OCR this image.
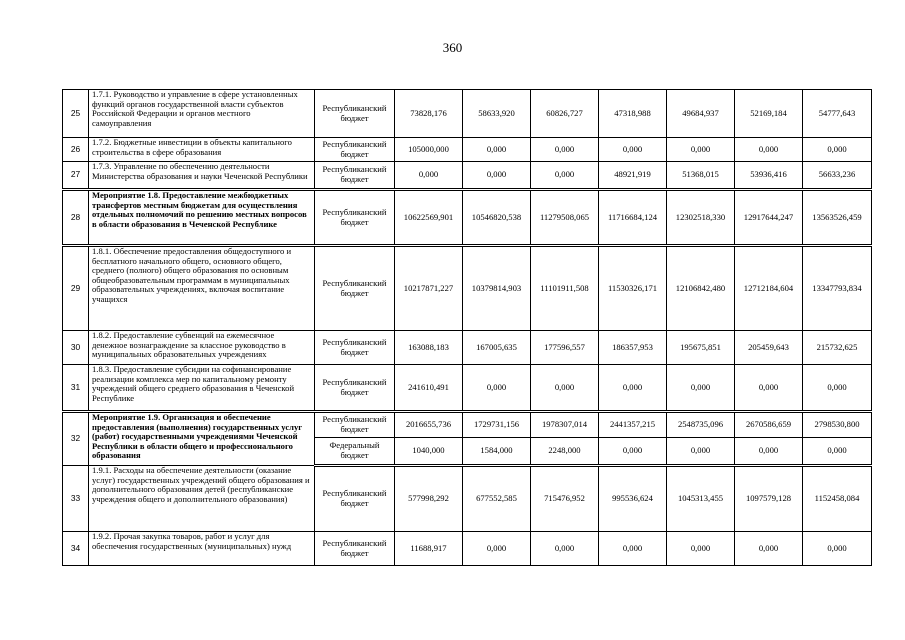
360
25	1.7.1. Руководство и управление в сфере установленных функций органов государственной власти субъектов Российской Федерации и органов местного самоуправления	Республиканский бюджет	73828,176	58633,920	60826,727	47318,988	49684,937	52169,184	54777,643
26	1.7.2. Бюджетные инвестиции в объекты капитального строительства в сфере образования	Республиканский бюджет	105000,000	0,000	0,000	0,000	0,000	0,000	0,000
27	1.7.3. Управление по обеспечению деятельности Министерства образования и науки Чеченской Республики	Республиканский бюджет	0,000	0,000	0,000	48921,919	51368,015	53936,416	56633,236
28	Мероприятие 1.8. Предоставление межбюджетных трансфертов местным бюджетам для осуществления отдельных полномочий по решению местных вопросов в области образования в Чеченской Республике	Республиканский бюджет	10622569,901	10546820,538	11279508,065	11716684,124	12302518,330	12917644,247	13563526,459
29	1.8.1. Обеспечение предоставления общедоступного и бесплатного начального общего, основного общего, среднего (полного) общего образования по основным общеобразовательным программам в муниципальных образовательных учреждениях, включая воспитание учащихся	Республиканский бюджет	10217871,227	10379814,903	11101911,508	11530326,171	12106842,480	12712184,604	13347793,834
30	1.8.2. Предоставление субвенций на ежемесячное денежное вознаграждение за классное руководство в муниципальных образовательных учреждениях	Республиканский бюджет	163088,183	167005,635	177596,557	186357,953	195675,851	205459,643	215732,625
31	1.8.3. Предоставление субсидии на софинансирование реализации комплекса мер по капитальному ремонту учреждений общего среднего образования в Чеченской Республике	Республиканский бюджет	241610,491	0,000	0,000	0,000	0,000	0,000	0,000
32	Мероприятие 1.9. Организация и обеспечение предоставления (выполнения) государственных услуг (работ) государственными учреждениями Чеченской Республики в области общего и профессионального образования	Республиканский бюджет	2016655,736	1729731,156	1978307,014	2441357,215	2548735,096	2670586,659	2798530,800
		Федеральный бюджет	1040,000	1584,000	2248,000	0,000	0,000	0,000	0,000
33	1.9.1. Расходы на обеспечение деятельности (оказание услуг) государственных учреждений общего образования и дополнительного образования детей (республиканские учреждения общего и дополнительного образования)	Республиканский бюджет	577998,292	677552,585	715476,952	995536,624	1045313,455	1097579,128	1152458,084
34	1.9.2. Прочая закупка товаров, работ и услуг для обеспечения государственных (муниципальных) нужд	Республиканский бюджет	11688,917	0,000	0,000	0,000	0,000	0,000	0,000
